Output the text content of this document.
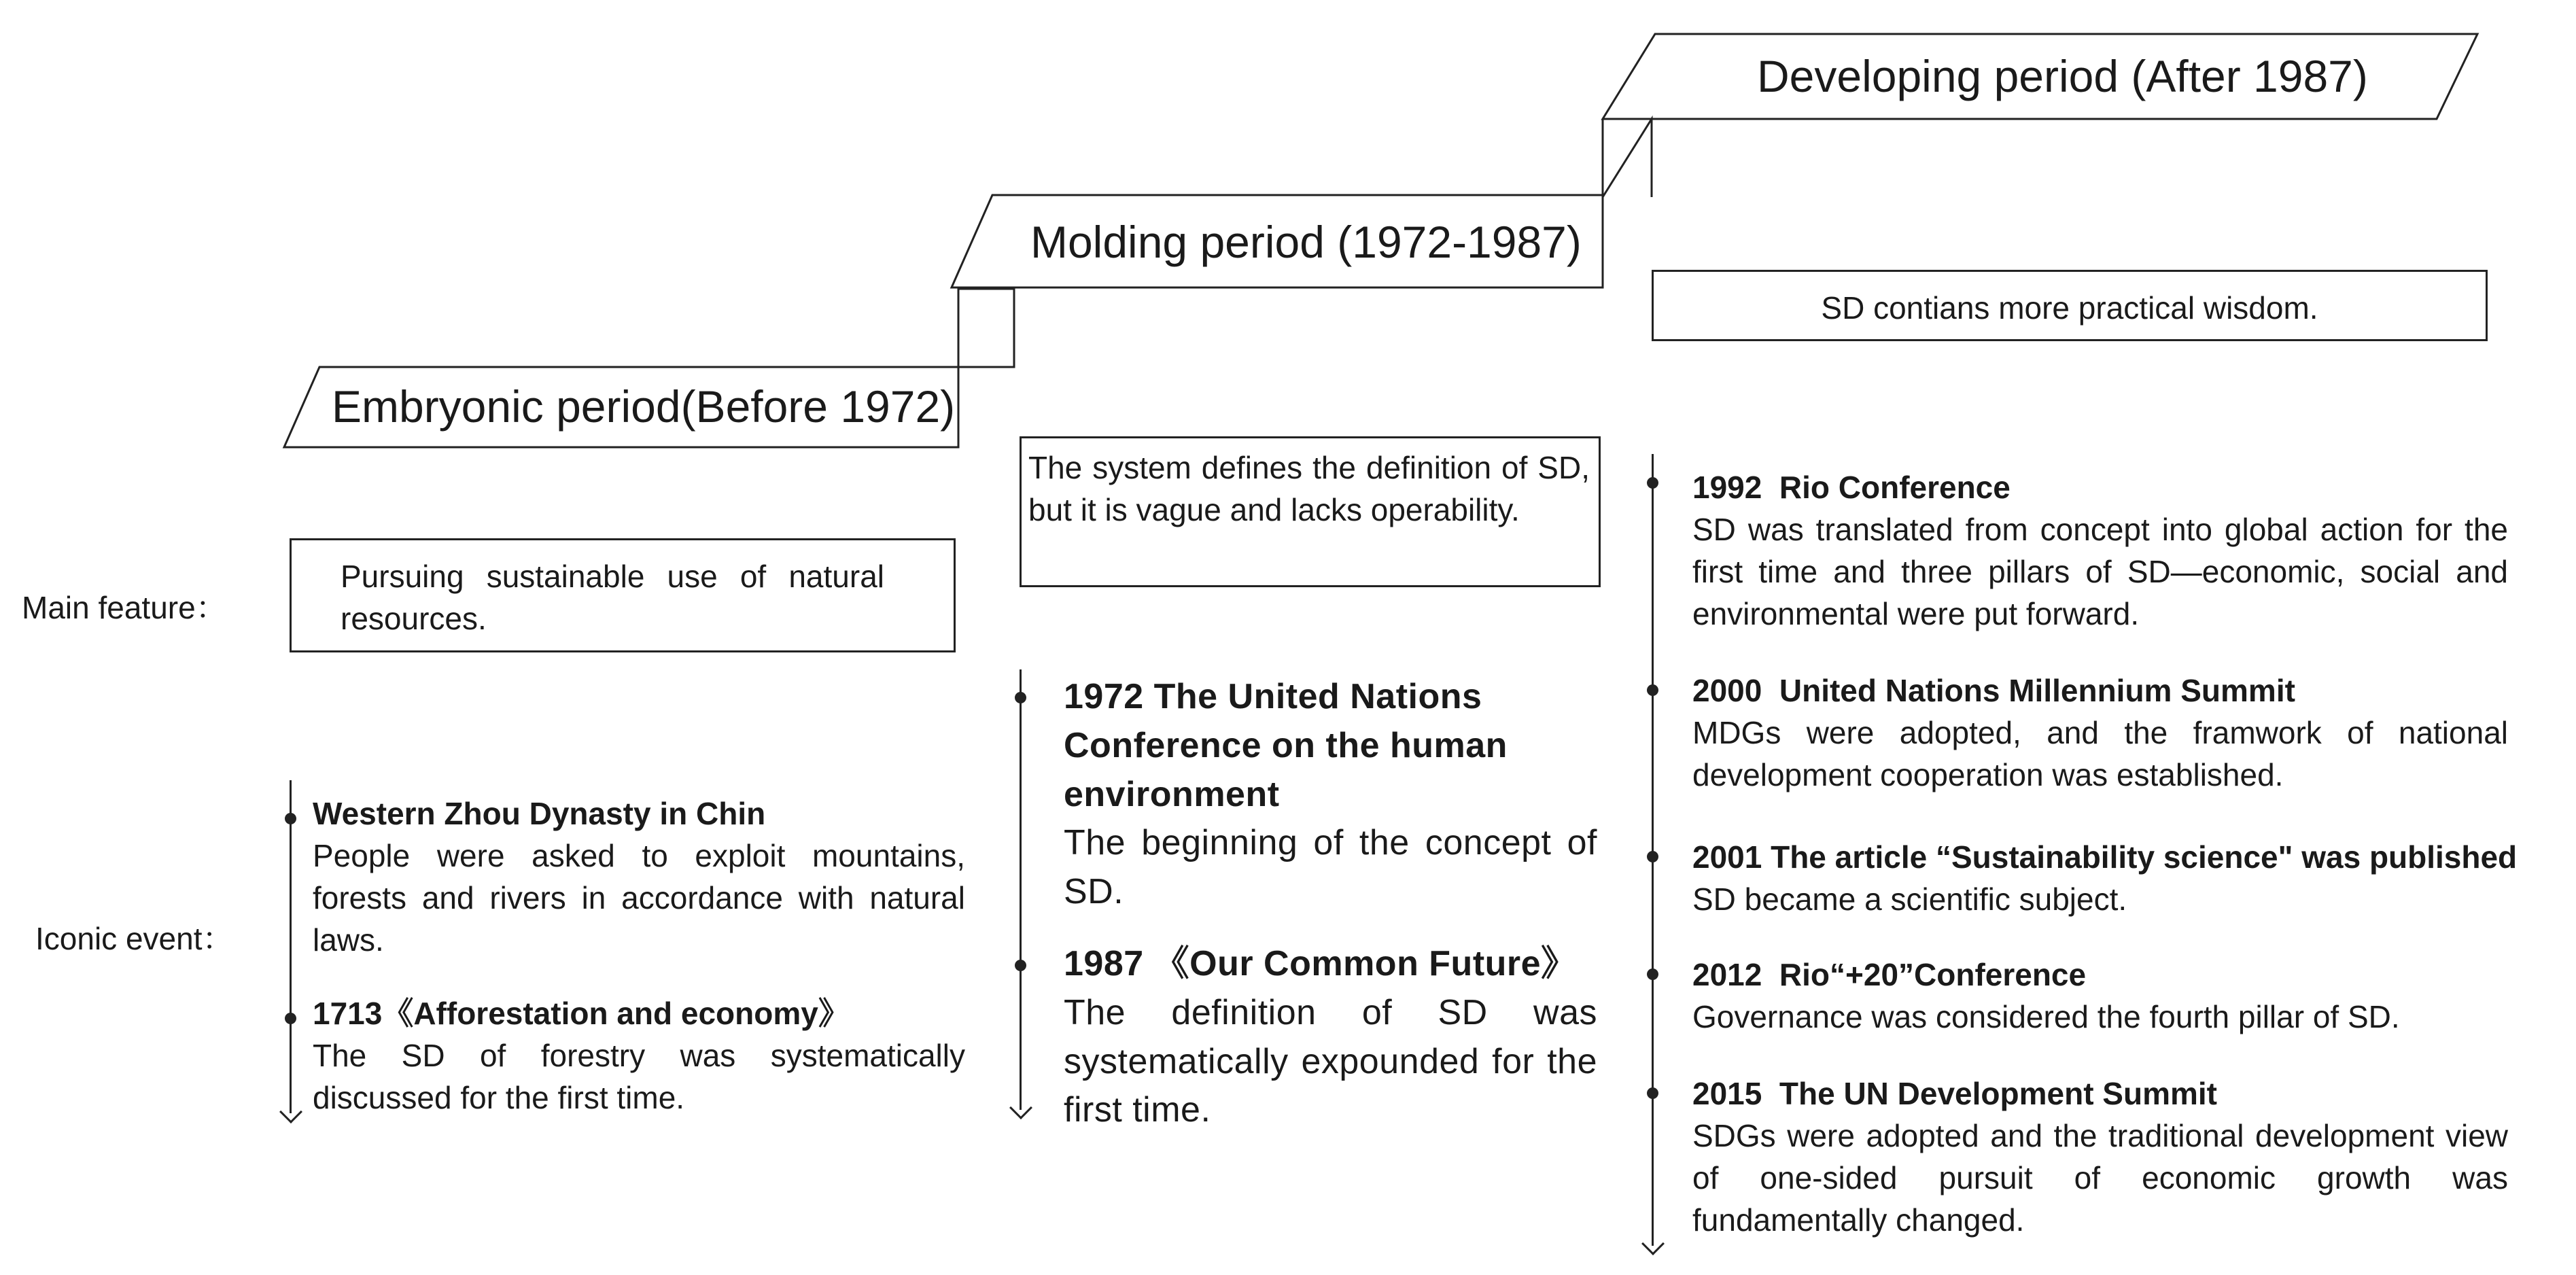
Embryonic period(Before 1972)
Molding period (1972-1987)
Developing period (After 1987)
Main feature：
Iconic event：
Pursuing sustainable use of natural resources.
The system defines the definition of SD, but it is vague and lacks operability.
SD contians more practical wisdom.
Western Zhou Dynasty in Chin
People were asked to exploit mountains, forests and rivers in accordance with natural laws.
1713《Afforestation and economy》
The SD of forestry was systematically discussed for the first time.
1972 The United Nations Conference on the human environment
The beginning of the concept of SD.
1987 《Our Common Future》
The definition of SD was systematically expounded for the first time.
1992  Rio Conference
SD was translated from concept into global action for the first time and three pillars of SD—economic, social and environmental were put forward.
2000  United Nations Millennium Summit
MDGs were adopted, and the framwork of national development cooperation was established.
2001 The article “Sustainability science" was published
SD became a scientific subject.
2012  Rio“+20”Conference
Governance was considered the fourth pillar of SD.
2015  The UN Development Summit
SDGs were adopted and the traditional development view of one-sided pursuit of economic growth was fundamentally changed.
